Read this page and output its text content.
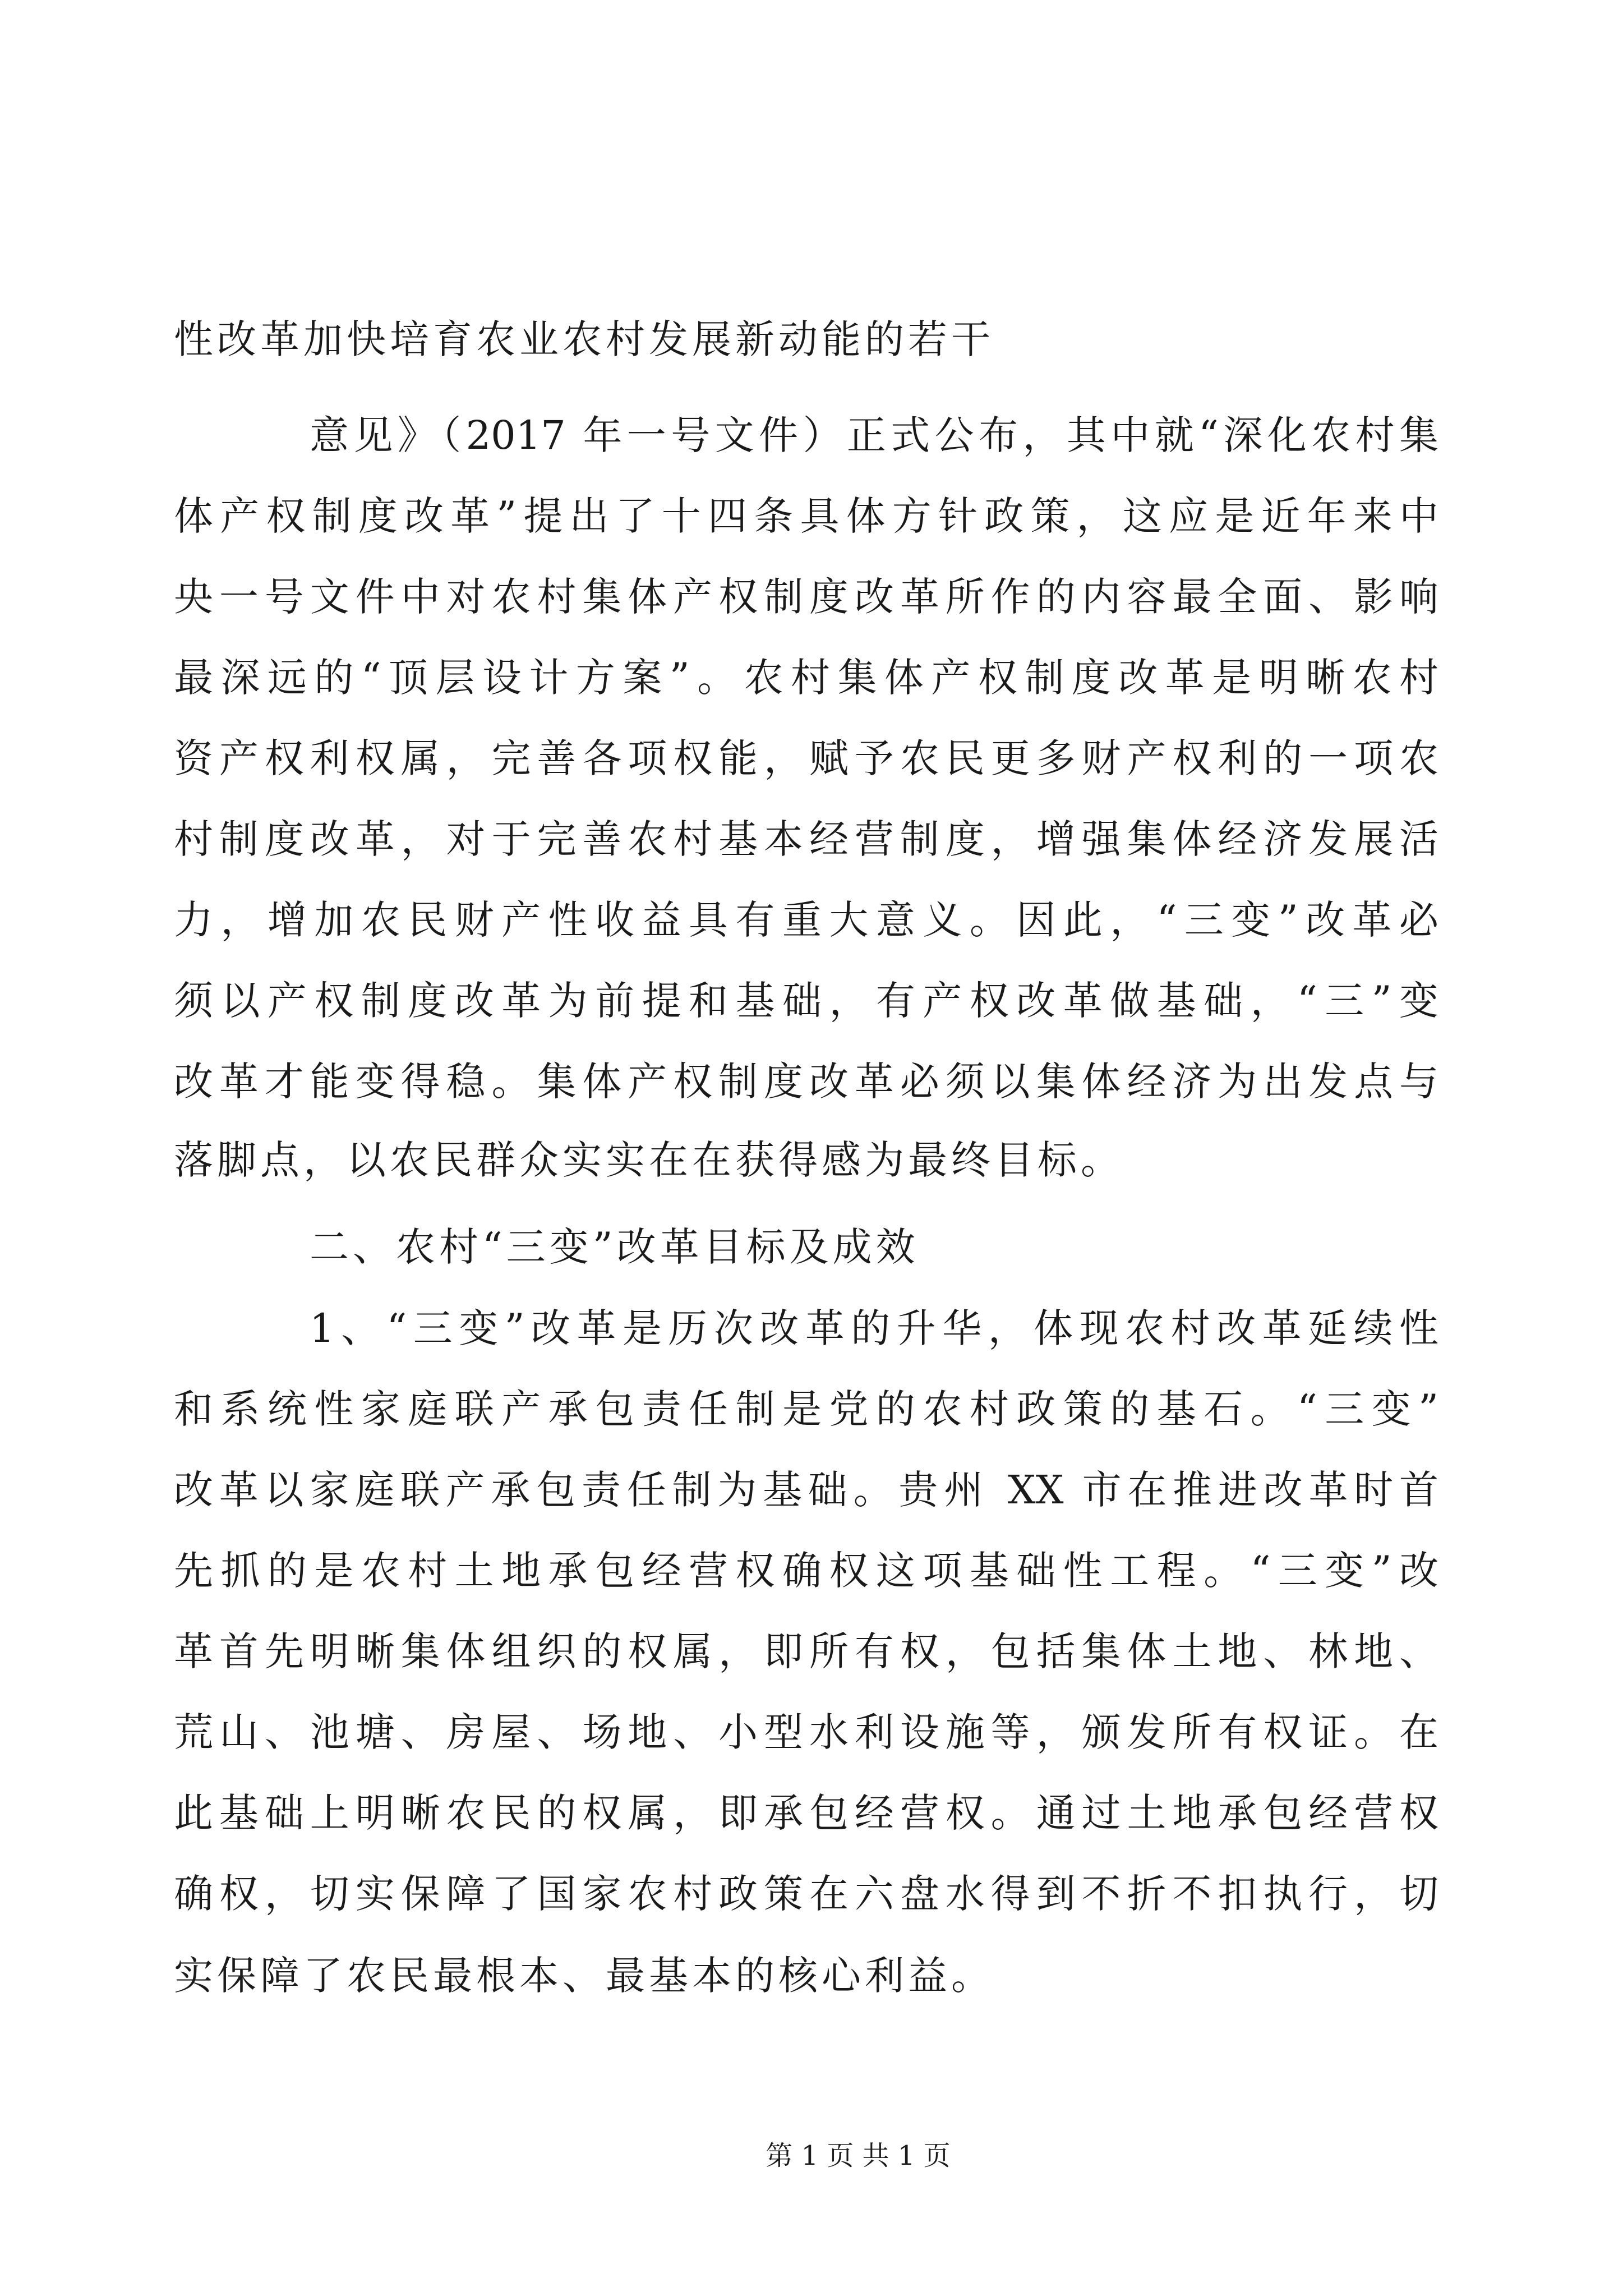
性改革加快培育农业农村发展新动能的若干
意见》（2017 年一号文件）正式公布，其中就“深化农村集
体产权制度改革”提出了十四条具体方针政策，这应是近年来中
央一号文件中对农村集体产权制度改革所作的内容最全面、影响
最深远的“顶层设计方案”。农村集体产权制度改革是明晰农村
资产权利权属，完善各项权能，赋予农民更多财产权利的一项农
村制度改革，对于完善农村基本经营制度，增强集体经济发展活
力，增加农民财产性收益具有重大意义。因此，“三变”改革必
须以产权制度改革为前提和基础，有产权改革做基础，“三”变
改革才能变得稳。集体产权制度改革必须以集体经济为出发点与
落脚点，以农民群众实实在在获得感为最终目标。
二、农村“三变”改革目标及成效
1、“三变”改革是历次改革的升华，体现农村改革延续性
和系统性家庭联产承包责任制是党的农村政策的基石。“三变”
改革以家庭联产承包责任制为基础。贵州 XX 市在推进改革时首
先抓的是农村土地承包经营权确权这项基础性工程。“三变”改
革首先明晰集体组织的权属，即所有权，包括集体土地、林地、
荒山、池塘、房屋、场地、小型水利设施等，颁发所有权证。在
此基础上明晰农民的权属，即承包经营权。通过土地承包经营权
确权，切实保障了国家农村政策在六盘水得到不折不扣执行，切
实保障了农民最根本、最基本的核心利益。
第 1 页 共 1 页
